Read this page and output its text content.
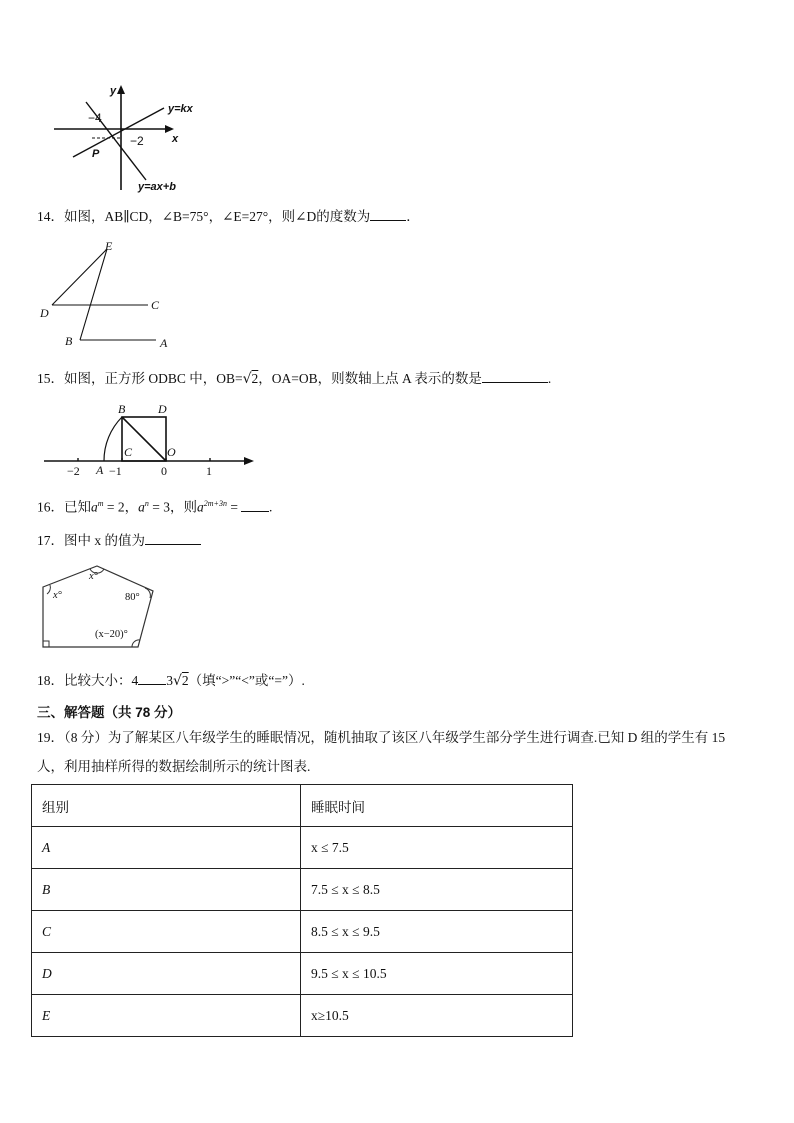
y
x
y=kx
y=ax+b
−4
−2
P
14．如图，AB∥CD，∠B=75°，∠E=27°，则∠D的度数为	．
E
D
C
B	A
15．如图，正方形 ODBC 中，OB=√2，OA=OB，则数轴上点 A 表示的数是	.
B	D
C	O
A
−2 −1	0	1
16．已知$a^m = 2$，$a^n = 3$，则$a^{2m+3n}$ = .
17．图中 x 的值为
x°
x°	80°
(x−20)°
18．比较大小：4 3√2（填“>”“<”或“=”）.
三、解答题（共 78 分）
19．（8 分）为了解某区八年级学生的睡眠情况，随机抽取了该区八年级学生部分学生进行调查.已知 D 组的学生有 15
人，利用抽样所得的数据绘制所示的统计图表.
组别	睡眠时间
A	x ≤ 7.5
B	7.5 ≤ x ≤ 8.5
C	8.5 ≤ x ≤ 9.5
D	9.5 ≤ x ≤ 10.5
E	x≥10.5
